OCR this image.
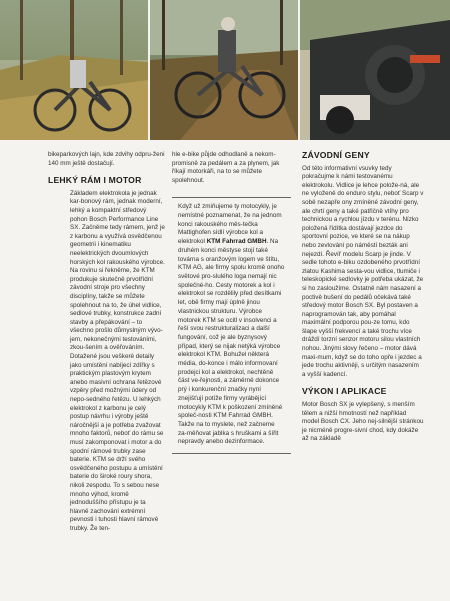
bikeparkových lajn, kde zdvihy odpru-ženi 140 mm ještě dostačují.

LEHKÝ RÁM I MOTOR

Základem elektrokola je jednak kar-bonový rám, jednak moderní, lehký a kompaktní středový pohon Bosch Performance Line SX. Začněme tedy rámem, jenž je z karbonu a využívá osvědčenou geometrii i kinematiku neelektrických dvoumlových horských kol rakouského výrobce. Na rovinu si řekněme, že KTM produkuje skutečně prvotřídní závodní stroje pro všechny disciplíny, takže se můžete spolehnout na to, že úhel vidlice, sedlové trubky, konstrukce zadní stavby a přepákování – to všechno prošlo důmyslným vývo-jem, nekonečnými testováními, zkou-šením a ověřováním. Dotažené jsou veškeré detaily jako umístění nabíjecí zdířky s praktickým plastovým krytem anebo masivní ochrana řetězové vzpěry před možnými údery od nepo-sedného řetězu. U lehkých elektrokol z karbonu je celý postup návrhu i výroby ještě náročnější a je potřeba zvažovat mnoho faktorů, neboť do rámu se musí zakomponovat i motor a do spodní rámové trubky zase baterie. KTM se drží svého osvědčeného postupu a umístění baterie do široké roury shora, nikoli zespodu. To s sebou nese mnoho výhod, kromě jednoduššího přístupu je ta hlavně zachování extrémní pevnosti i tuhosti hlavní rámové trubky. Že ten-

hle e-bike půjde odhodlaně a nekom-promisně za pedálem a za plynem, jak říkají motorkáři, na to se můžete spolehnout.

Když už zmiňujeme ty motocykly, je nemístné poznamenat, že na jednom konci rakouského měs-tečka Mattighofen sídlí výrobce kol a elektrokol KTM Fahrrad GMBH. Na druhém konci městyse stojí také továrna s oranžovým logem ve štítu, KTM AG, ale firmy spolu kromě onoho světové pro-slulého loga nemají nic společné-ho. Cesty motorek a kol i elektrokol se rozdělily před desítkami let, obě firmy mají úplně jinou vlastnickou strukturu. Výrobce motorek KTM se ocitl v insolvenci a řeší svou restrukturalizaci a další fungování, což je ale byznysový případ, který se nijak netýká výrobce elektrokol KTM. Bohužel některá média, do-konce i málo informovaní prodejci kol a elektrokol, nechtěně část ve-řejnosti, a záměrně dokonce prý i konkurenční značky nyní znejišťují potíže firmy vyrábějící motocykly KTM k poškození zmíněné společ-nosti KTM Fahrrad GMBH. Takže na to myslete, než začneme za-měňovat jablka s hruškami a šířit nepravdy anebo dezinformace.

ZÁVODNÍ GENY

Od této informativní vsuvky tedy pokračujme k námi testovanému elektrokolu. Vidlice je lehce polože-ná, ale ne vyloženě do enduro stylu, neboť Scarp v sobě nezapře ony zmíněné závodní geny, ale chrtí geny a také patřičně vtíhy pro technickou a rychlou jízdu v terénu. Nízko položená řídítka dostávají jezdce do sportovní pozice, ve které se na nákup nebo zevlování po náměstí bezták ani nejezdí. Řevíř modelu Scarp je jinde. V sedle tohoto e-biku ozdobeného prvotřídní zlatou Kashima sesta-vou vidlice, tlumiče i teleskopické sedlovky je potřeba ukázat, že si ho zasloužíme. Ostatně nám nasazení a poctivě bušení do pedálů očekává také středový motor Bosch SX. Byl postaven a naprogramován tak, aby pomáhal maximální podporou pou-ze tomu, kdo šlape vyšší frekvencí a také trochu více dráždí torzní senzor motoru silou vlastních nohou. Jinými slovy řečeno – motor dává maxi-mum, když se do toho opře i jezdec a jede trochu aktivněji, s určitým nasazením a vyšší kadencí.

VÝKON I APLIKACE

Motor Bosch SX je vylepšený, s menším tělem a nižší hmotností než například model Bosch CX. Jeho nej-silnější stránkou je nicméně progre-sivní chod, kdy dokáže až na základě
